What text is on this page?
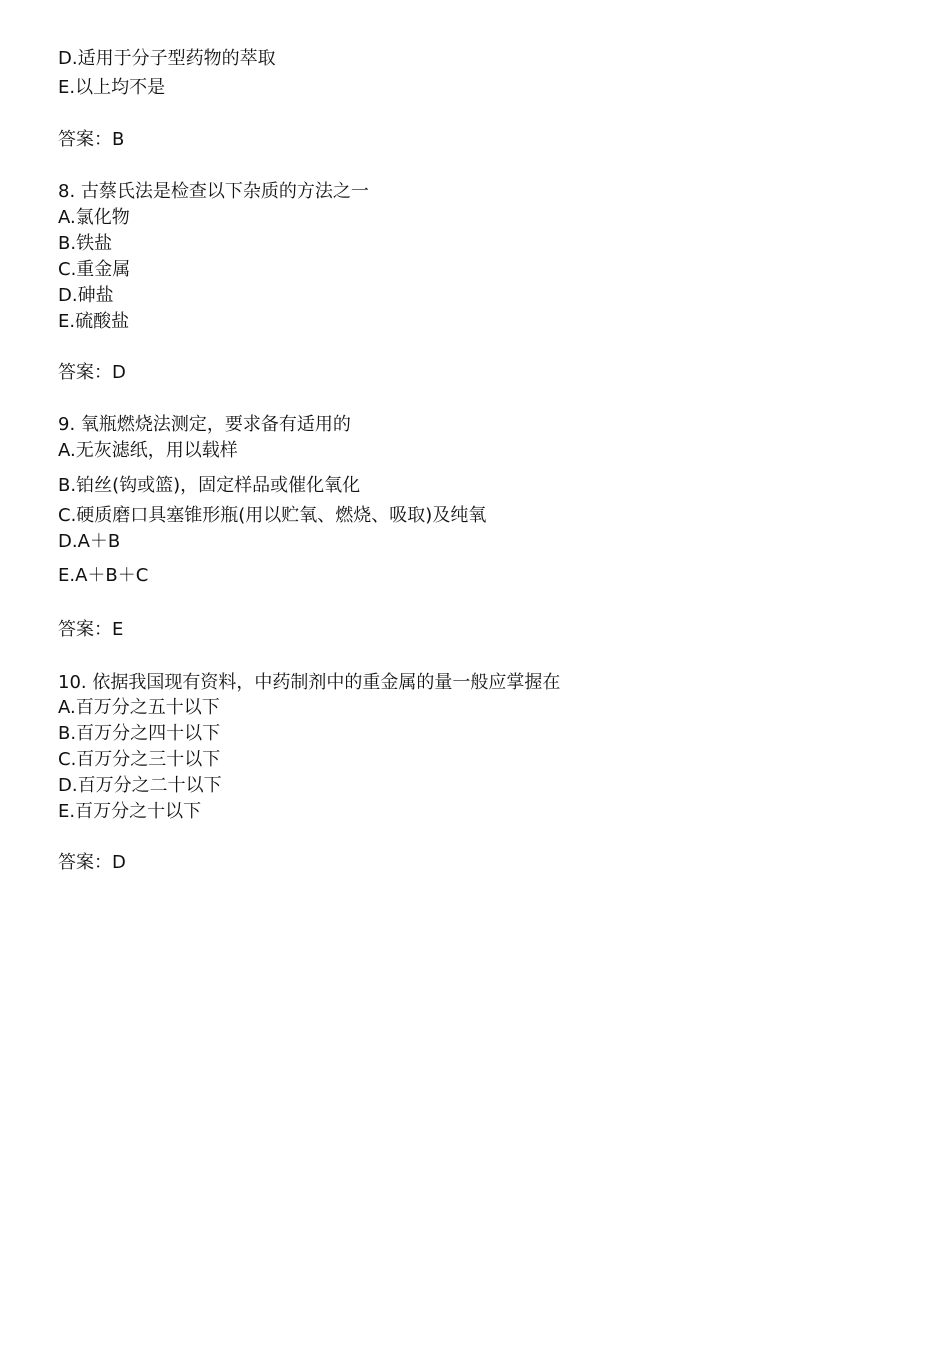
D.适用于分子型药物的萃取
E.以上均不是
答案：B
8. 古蔡氏法是检查以下杂质的方法之一
A.氯化物
B.铁盐
C.重金属
D.砷盐
E.硫酸盐
答案：D
9. 氧瓶燃烧法测定，要求备有适用的
A.无灰滤纸，用以载样
B.铂丝(钩或篮)，固定样品或催化氧化
C.硬质磨口具塞锥形瓶(用以贮氧、燃烧、吸取)及纯氧
D.A＋B
E.A＋B＋C
答案：E
10. 依据我国现有资料，中药制剂中的重金属的量一般应掌握在
A.百万分之五十以下
B.百万分之四十以下
C.百万分之三十以下
D.百万分之二十以下
E.百万分之十以下
答案：D
